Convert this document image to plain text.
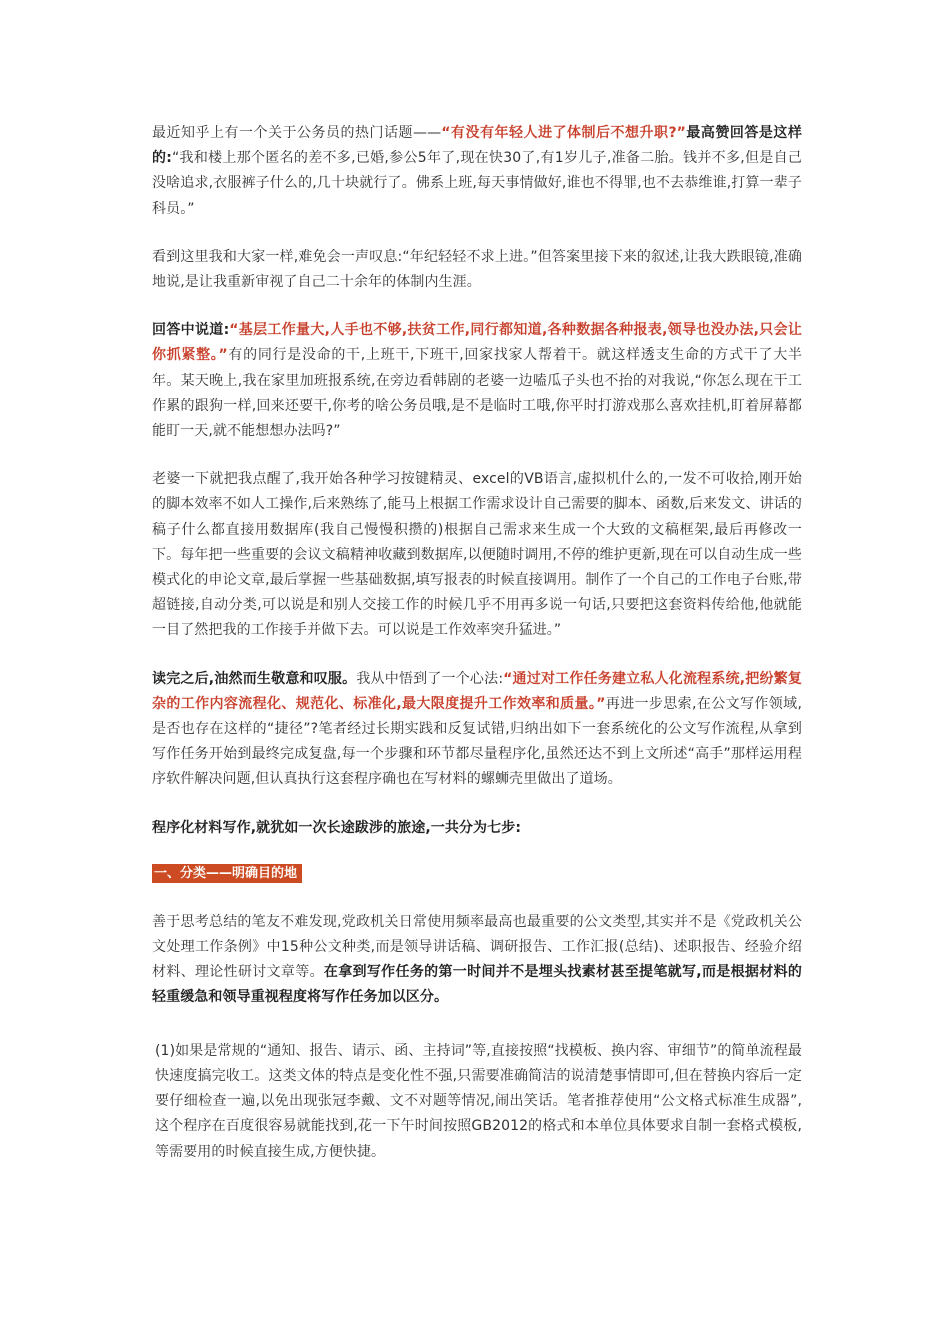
最近知乎上有一个关于公务员的热门话题——“有没有年轻人进了体制后不想升职?”最高赞回答是这样的:“我和楼上那个匿名的差不多,已婚,参公5年了,现在快30了,有1岁儿子,准备二胎。钱并不多,但是自己没啥追求,衣服裤子什么的,几十块就行了。佛系上班,每天事情做好,谁也不得罪,也不去恭维谁,打算一辈子科员。”

看到这里我和大家一样,难免会一声叹息:“年纪轻轻不求上进。”但答案里接下来的叙述,让我大跌眼镜,准确地说,是让我重新审视了自己二十余年的体制内生涯。

回答中说道:“基层工作量大,人手也不够,扶贫工作,同行都知道,各种数据各种报表,领导也没办法,只会让你抓紧整。”有的同行是没命的干,上班干,下班干,回家找家人帮着干。就这样透支生命的方式干了大半年。某天晚上,我在家里加班报系统,在旁边看韩剧的老婆一边嗑瓜子头也不抬的对我说,“你怎么现在干工作累的跟狗一样,回来还要干,你考的啥公务员哦,是不是临时工哦,你平时打游戏那么喜欢挂机,盯着屏幕都能盯一天,就不能想想办法吗?”

老婆一下就把我点醒了,我开始各种学习按键精灵、excel的VB语言,虚拟机什么的,一发不可收拾,刚开始的脚本效率不如人工操作,后来熟练了,能马上根据工作需求设计自己需要的脚本、函数,后来发文、讲话的稿子什么都直接用数据库(我自己慢慢积攒的)根据自己需求来生成一个大致的文稿框架,最后再修改一下。每年把一些重要的会议文稿精神收藏到数据库,以便随时调用,不停的维护更新,现在可以自动生成一些模式化的申论文章,最后掌握一些基础数据,填写报表的时候直接调用。制作了一个自己的工作电子台账,带超链接,自动分类,可以说是和别人交接工作的时候几乎不用再多说一句话,只要把这套资料传给他,他就能一目了然把我的工作接手并做下去。可以说是工作效率突升猛进。”

读完之后,油然而生敬意和叹服。我从中悟到了一个心法:“通过对工作任务建立私人化流程系统,把纷繁复杂的工作内容流程化、规范化、标准化,最大限度提升工作效率和质量。”再进一步思索,在公文写作领域,是否也存在这样的“捷径”?笔者经过长期实践和反复试错,归纳出如下一套系统化的公文写作流程,从拿到写作任务开始到最终完成复盘,每一个步骤和环节都尽量程序化,虽然还达不到上文所述“高手”那样运用程序软件解决问题,但认真执行这套程序确也在写材料的螺蛳壳里做出了道场。

程序化材料写作,就犹如一次长途跋涉的旅途,一共分为七步:

一、分类——明确目的地

善于思考总结的笔友不难发现,党政机关日常使用频率最高也最重要的公文类型,其实并不是《党政机关公文处理工作条例》中15种公文种类,而是领导讲话稿、调研报告、工作汇报(总结)、述职报告、经验介绍材料、理论性研讨文章等。在拿到写作任务的第一时间并不是埋头找素材甚至提笔就写,而是根据材料的轻重缓急和领导重视程度将写作任务加以区分。

(1)如果是常规的“通知、报告、请示、函、主持词”等,直接按照“找模板、换内容、审细节”的简单流程最快速度搞完收工。这类文体的特点是变化性不强,只需要准确简洁的说清楚事情即可,但在替换内容后一定要仔细检查一遍,以免出现张冠李戴、文不对题等情况,闹出笑话。笔者推荐使用“公文格式标准生成器”,这个程序在百度很容易就能找到,花一下午时间按照GB2012的格式和本单位具体要求自制一套格式模板,等需要用的时候直接生成,方便快捷。
